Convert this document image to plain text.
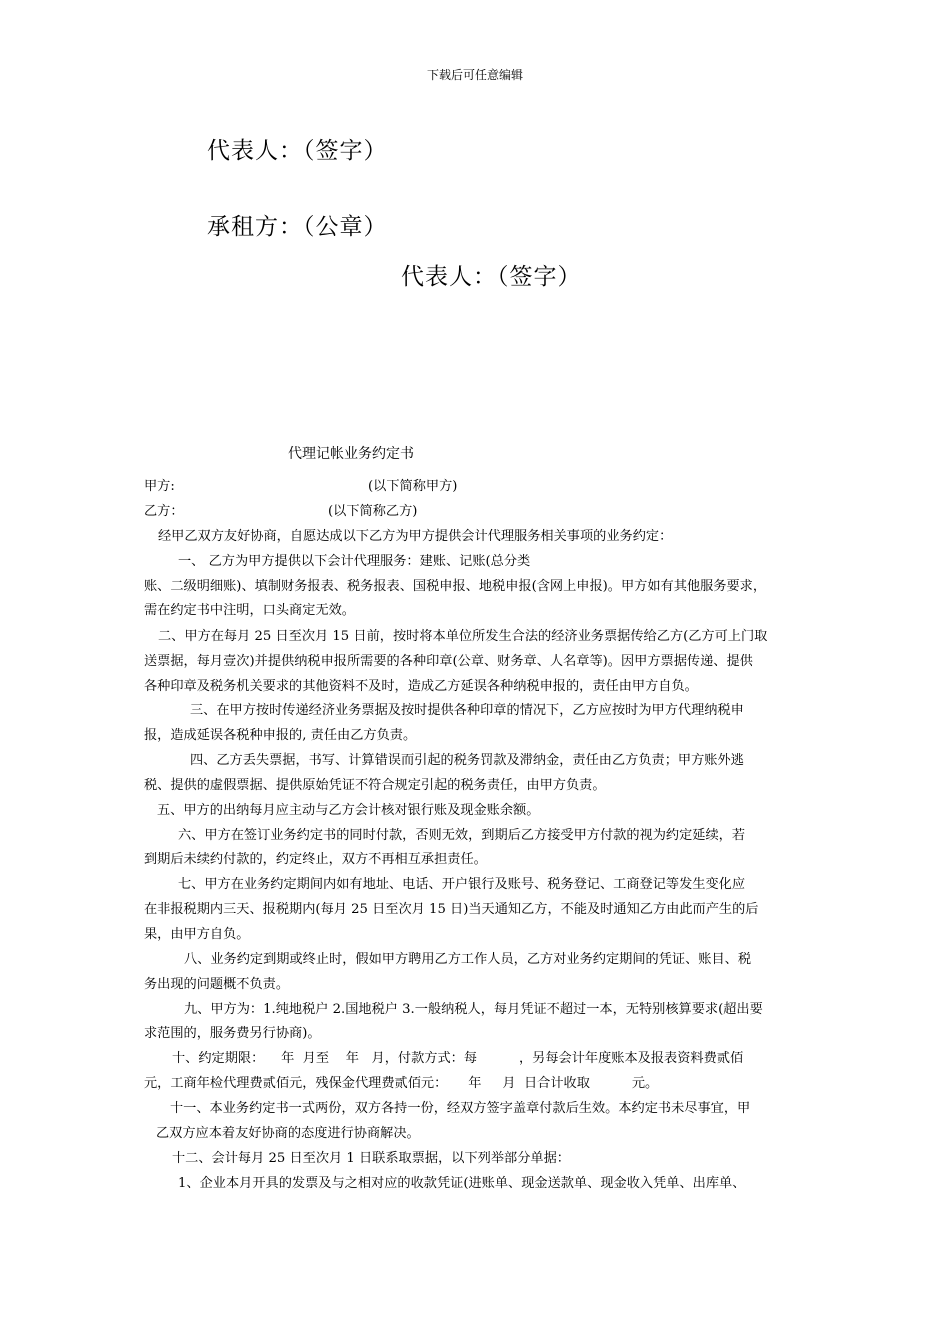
下载后可任意编辑
代表人：（签字）
承租方：（公章）
代表人：（签字）
代理记帐业务约定书
甲方:	(以下简称甲方)
乙方：	(以下简称乙方)
经甲乙双方友好协商，自愿达成以下乙方为甲方提供会计代理服务相关事项的业务约定：
一、 乙方为甲方提供以下会计代理服务：建账、记账(总分类
账、二级明细账)、填制财务报表、税务报表、国税申报、地税申报(含网上申报)。甲方如有其他服务要求，
需在约定书中注明，口头商定无效。
二、甲方在每月 25 日至次月 15 日前，按时将本单位所发生合法的经济业务票据传给乙方(乙方可上门取
送票据，每月壹次)并提供纳税申报所需要的各种印章(公章、财务章、人名章等)。因甲方票据传递、提供
各种印章及税务机关要求的其他资料不及时，造成乙方延误各种纳税申报的，责任由甲方自负。
三、在甲方按时传递经济业务票据及按时提供各种印章的情况下，乙方应按时为甲方代理纳税申
报，造成延误各税种申报的, 责任由乙方负责。
四、乙方丢失票据，书写、计算错误而引起的税务罚款及滞纳金，责任由乙方负责；甲方账外逃
税、提供的虚假票据、提供原始凭证不符合规定引起的税务责任，由甲方负责。
五、甲方的出纳每月应主动与乙方会计核对银行账及现金账余额。
六、甲方在签订业务约定书的同时付款，否则无效，到期后乙方接受甲方付款的视为约定延续，若
到期后未续约付款的，约定终止，双方不再相互承担责任。
七、甲方在业务约定期间内如有地址、电话、开户银行及账号、税务登记、工商登记等发生变化应
在非报税期内三天、报税期内(每月 25 日至次月 15 日)当天通知乙方，不能及时通知乙方由此而产生的后
果，由甲方自负。
八、业务约定到期或终止时，假如甲方聘用乙方工作人员，乙方对业务约定期间的凭证、账目、税
务出现的问题概不负责。
九、甲方为：1.纯地税户 2.国地税户 3.一般纳税人，每月凭证不超过一本，无特别核算要求(超出要
求范围的，服务费另行协商)。
十、约定期限：    年  月至    年   月，付款方式：每          ，另每会计年度账本及报表资料费贰佰
元，工商年检代理费贰佰元，残保金代理费贰佰元：     年     月  日合计收取          元。
十一、本业务约定书一式两份，双方各持一份，经双方签字盖章付款后生效。本约定书未尽事宜，甲
乙双方应本着友好协商的态度进行协商解决。
十二、会计每月 25 日至次月 1 日联系取票据，以下列举部分单据：
1、企业本月开具的发票及与之相对应的收款凭证(进账单、现金送款单、现金收入凭单、出库单、
